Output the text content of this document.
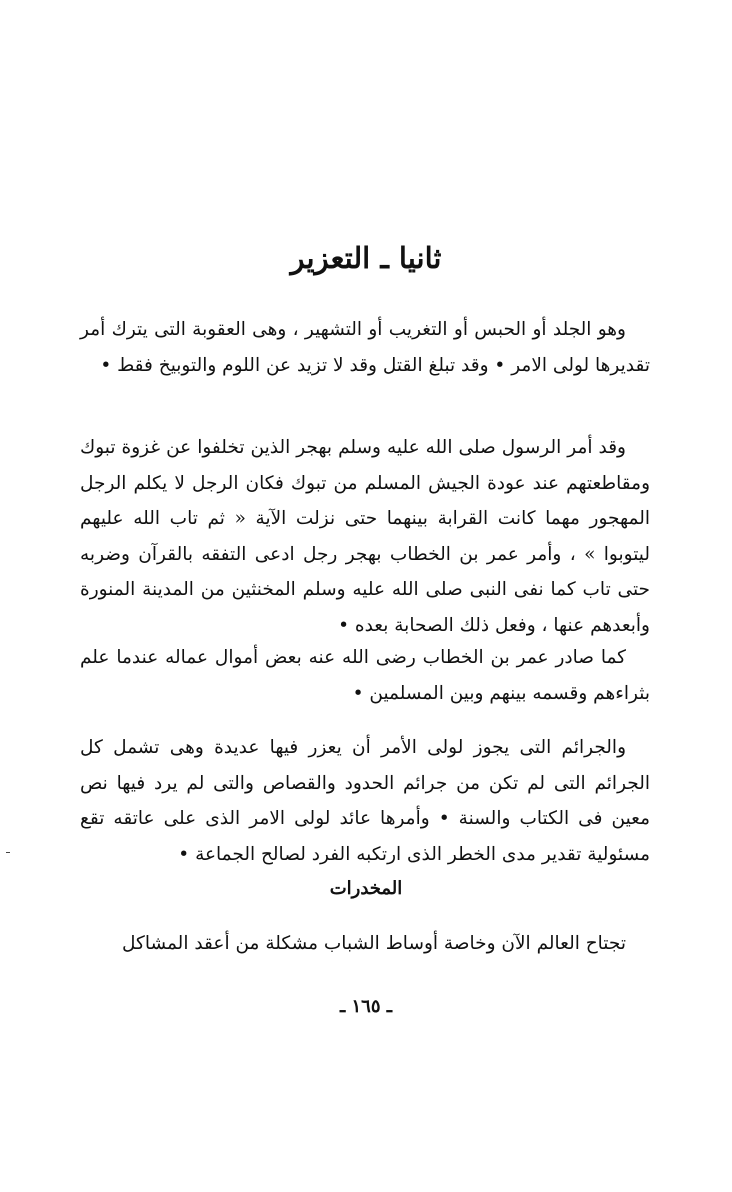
ثانيا ـ التعزير

وهو الجلد أو الحبس أو التغريب أو التشهير ، وهى العقوبة التى يترك أمر تقديرها لولى الامر • وقد تبلغ القتل وقد لا تزيد عن اللوم والتوبيخ فقط •

وقد أمر الرسول صلى الله عليه وسلم بهجر الذين تخلفوا عن غزوة تبوك ومقاطعتهم عند عودة الجيش المسلم من تبوك فكان الرجل لا يكلم الرجل المهجور مهما كانت القرابة بينهما حتى نزلت الآية « ثم تاب الله عليهم ليتوبوا » ، وأمر عمر بن الخطاب بهجر رجل ادعى التفقه بالقرآن وضربه حتى تاب كما نفى النبى صلى الله عليه وسلم المخنثين من المدينة المنورة وأبعدهم عنها ، وفعل ذلك الصحابة بعده •

كما صادر عمر بن الخطاب رضى الله عنه بعض أموال عماله عندما علم بثراءهم وقسمه بينهم وبين المسلمين •

والجرائم التى يجوز لولى الأمر أن يعزر فيها عديدة وهى تشمل كل الجرائم التى لم تكن من جرائم الحدود والقصاص والتى لم يرد فيها نص معين فى الكتاب والسنة • وأمرها عائد لولى الامر الذى على عاتقه تقع مسئولية تقدير مدى الخطر الذى ارتكبه الفرد لصالح الجماعة •

المخدرات

تجتاح العالم الآن وخاصة أوساط الشباب مشكلة من أعقد المشاكل

ـ ١٦٥ ـ
